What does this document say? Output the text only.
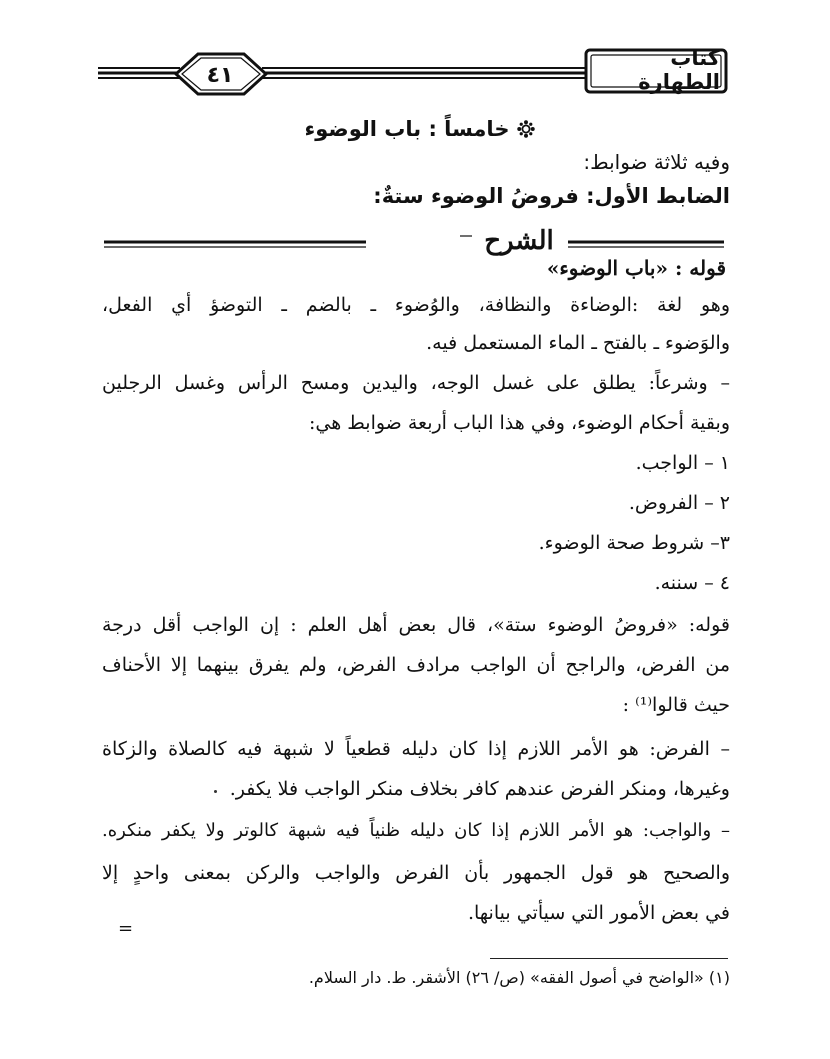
كتاب الطهارة
٤١
خامساً : باب الوضوء
وفيه ثلاثة ضوابط:
الضابط الأول: فروضُ الوضوء ستةٌ:
الشرح
قوله : «باب الوضوء»
وهو لغة :الوضاءة والنظافة، والوُضوء ـ بالضم ـ التوضؤ أي الفعل،
والوَضوء ـ بالفتح ـ الماء المستعمل فيه.
– وشرعاً: يطلق على غسل الوجه، واليدين ومسح الرأس وغسل الرجلين
وبقية أحكام الوضوء، وفي هذا الباب أربعة ضوابط هي:
١ – الواجب.
٢ – الفروض.
٣– شروط صحة الوضوء.
٤ – سننه.
قوله: «فروضُ الوضوء ستة»، قال بعض أهل العلم : إن الواجب أقل درجة
من الفرض، والراجح أن الواجب مرادف الفرض، ولم يفرق بينهما إلا الأحناف
حيث قالوا⁽¹⁾ :
– الفرض: هو الأمر اللازم إذا كان دليله قطعياً لا شبهة فيه كالصلاة والزكاة
وغيرها، ومنكر الفرض عندهم كافر بخلاف منكر الواجب فلا يكفر.
– والواجب: هو الأمر اللازم إذا كان دليله ظنياً فيه شبهة كالوتر ولا يكفر منكره.
والصحيح هو قول الجمهور بأن الفرض والواجب والركن بمعنى واحدٍ إلا
في بعض الأمور التي سيأتي بيانها.
=
(١) «الواضح في أصول الفقه» (ص/ ٢٦) الأشقر. ط. دار السلام.
